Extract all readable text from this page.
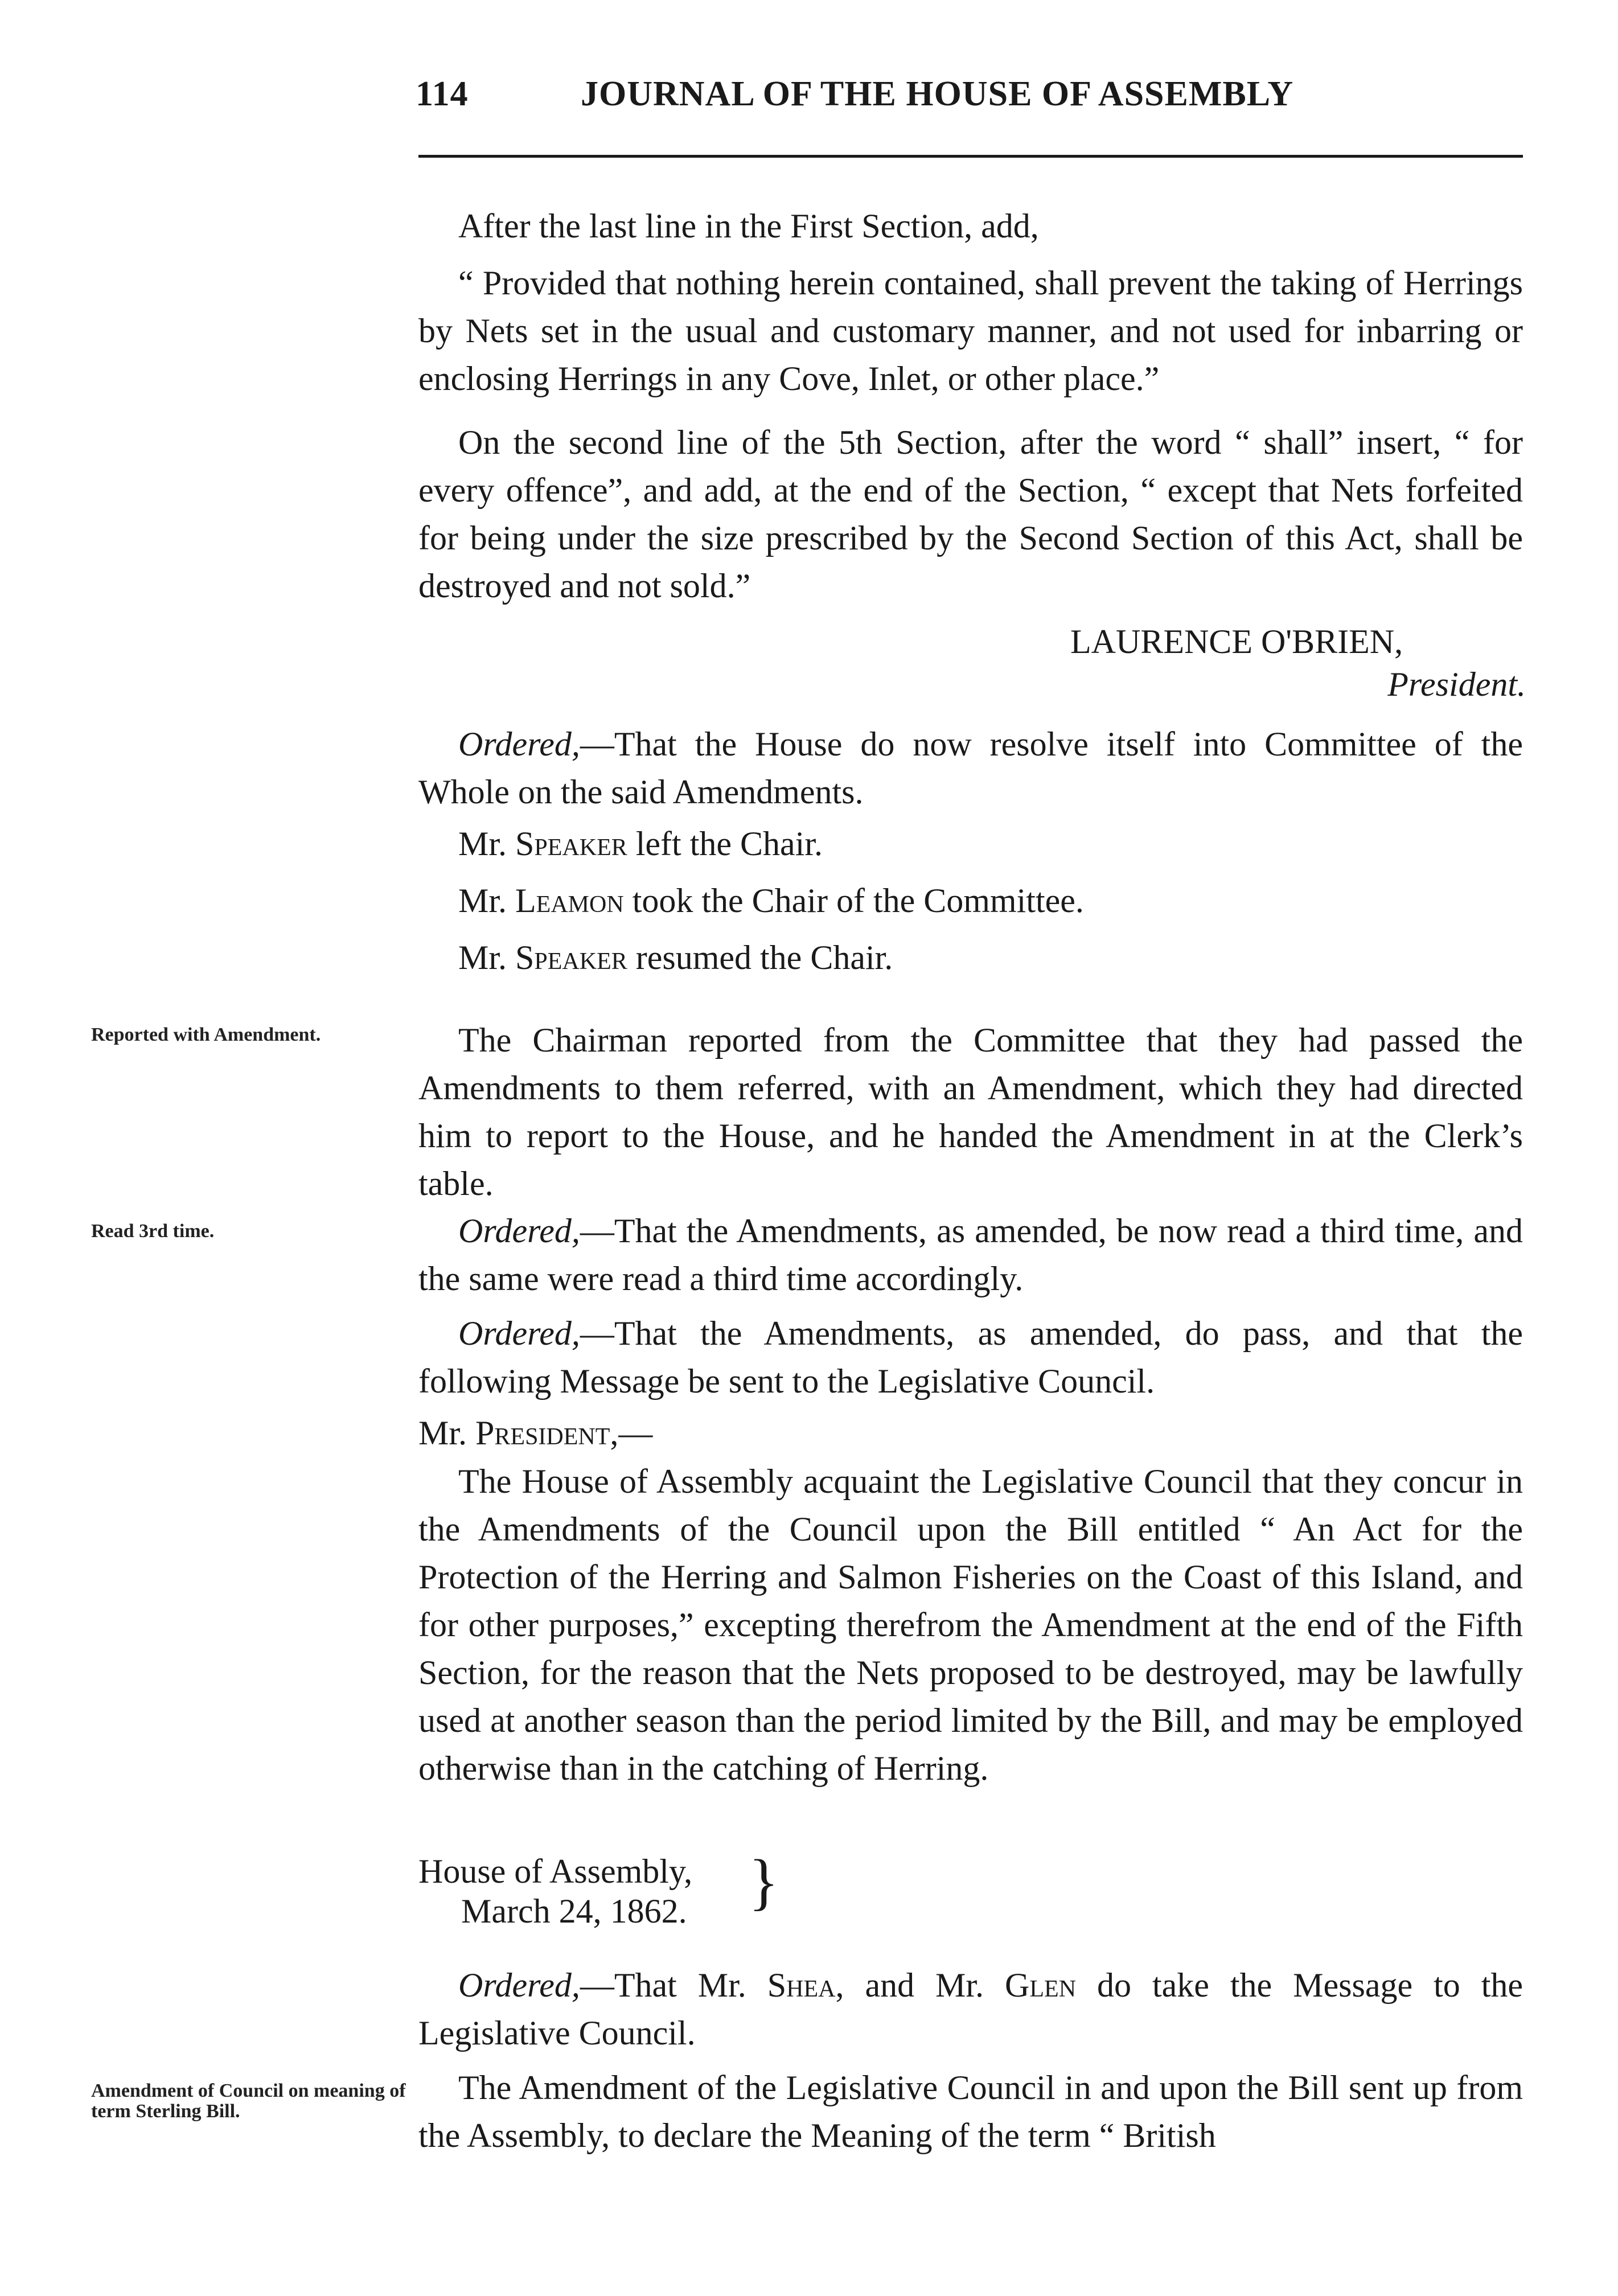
114	JOURNAL OF THE HOUSE OF ASSEMBLY

After the last line in the First Section, add,

“ Provided that nothing herein contained, shall prevent the taking of Herrings by Nets set in the usual and customary manner, and not used for inbarring or enclosing Herrings in any Cove, Inlet, or other place.”

On the second line of the 5th Section, after the word “ shall” insert, “ for every offence”, and add, at the end of the Section, “ except that Nets forfeited for being under the size prescribed by the Second Section of this Act, shall be destroyed and not sold.”

LAURENCE O'BRIEN,

President.

Ordered,—That the House do now resolve itself into Committee of the Whole on the said Amendments.

Mr. Speaker left the Chair.

Mr. Leamon took the Chair of the Committee.

Mr. Speaker resumed the Chair.

Reported with Amendment.	The Chairman reported from the Committee that they had passed the Amendments to them referred, with an Amendment, which they had directed him to report to the House, and he handed the Amendment in at the Clerk’s table.

Read 3rd time.	Ordered,—That the Amendments, as amended, be now read a third time, and the same were read a third time accordingly.

Ordered,—That the Amendments, as amended, do pass, and that the following Message be sent to the Legislative Council.

Mr. President,—

The House of Assembly acquaint the Legislative Council that they concur in the Amendments of the Council upon the Bill entitled “ An Act for the Protection of the Herring and Salmon Fisheries on the Coast of this Island, and for other purposes,” excepting therefrom the Amendment at the end of the Fifth Section, for the reason that the Nets proposed to be destroyed, may be lawfully used at another season than the period limited by the Bill, and may be employed otherwise than in the catching of Herring.

House of Assembly,

March 24, 1862. }

Ordered,—That Mr. Shea, and Mr. Glen do take the Message to the Legislative Council.

Amendment of Council on meaning of term Sterling Bill.

The Amendment of the Legislative Council in and upon the Bill sent up from the Assembly, to declare the Meaning of the term “ British
